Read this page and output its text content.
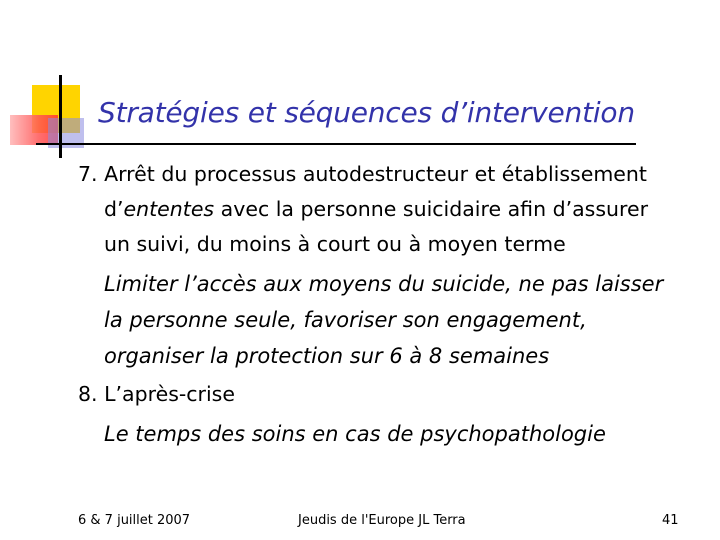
Stratégies et séquences d’intervention
7. Arrêt du processus autodestructeur et établissement
d’ententes avec la personne suicidaire afin d’assurer
un suivi, du moins à court ou à moyen terme
Limiter l’accès aux moyens du suicide, ne pas laisser
la personne seule, favoriser son engagement,
organiser la protection sur 6 à 8 semaines
8. L’après-crise
Le temps des soins en cas de psychopathologie
6 & 7 juillet 2007	Jeudis de l'Europe JL Terra	41
